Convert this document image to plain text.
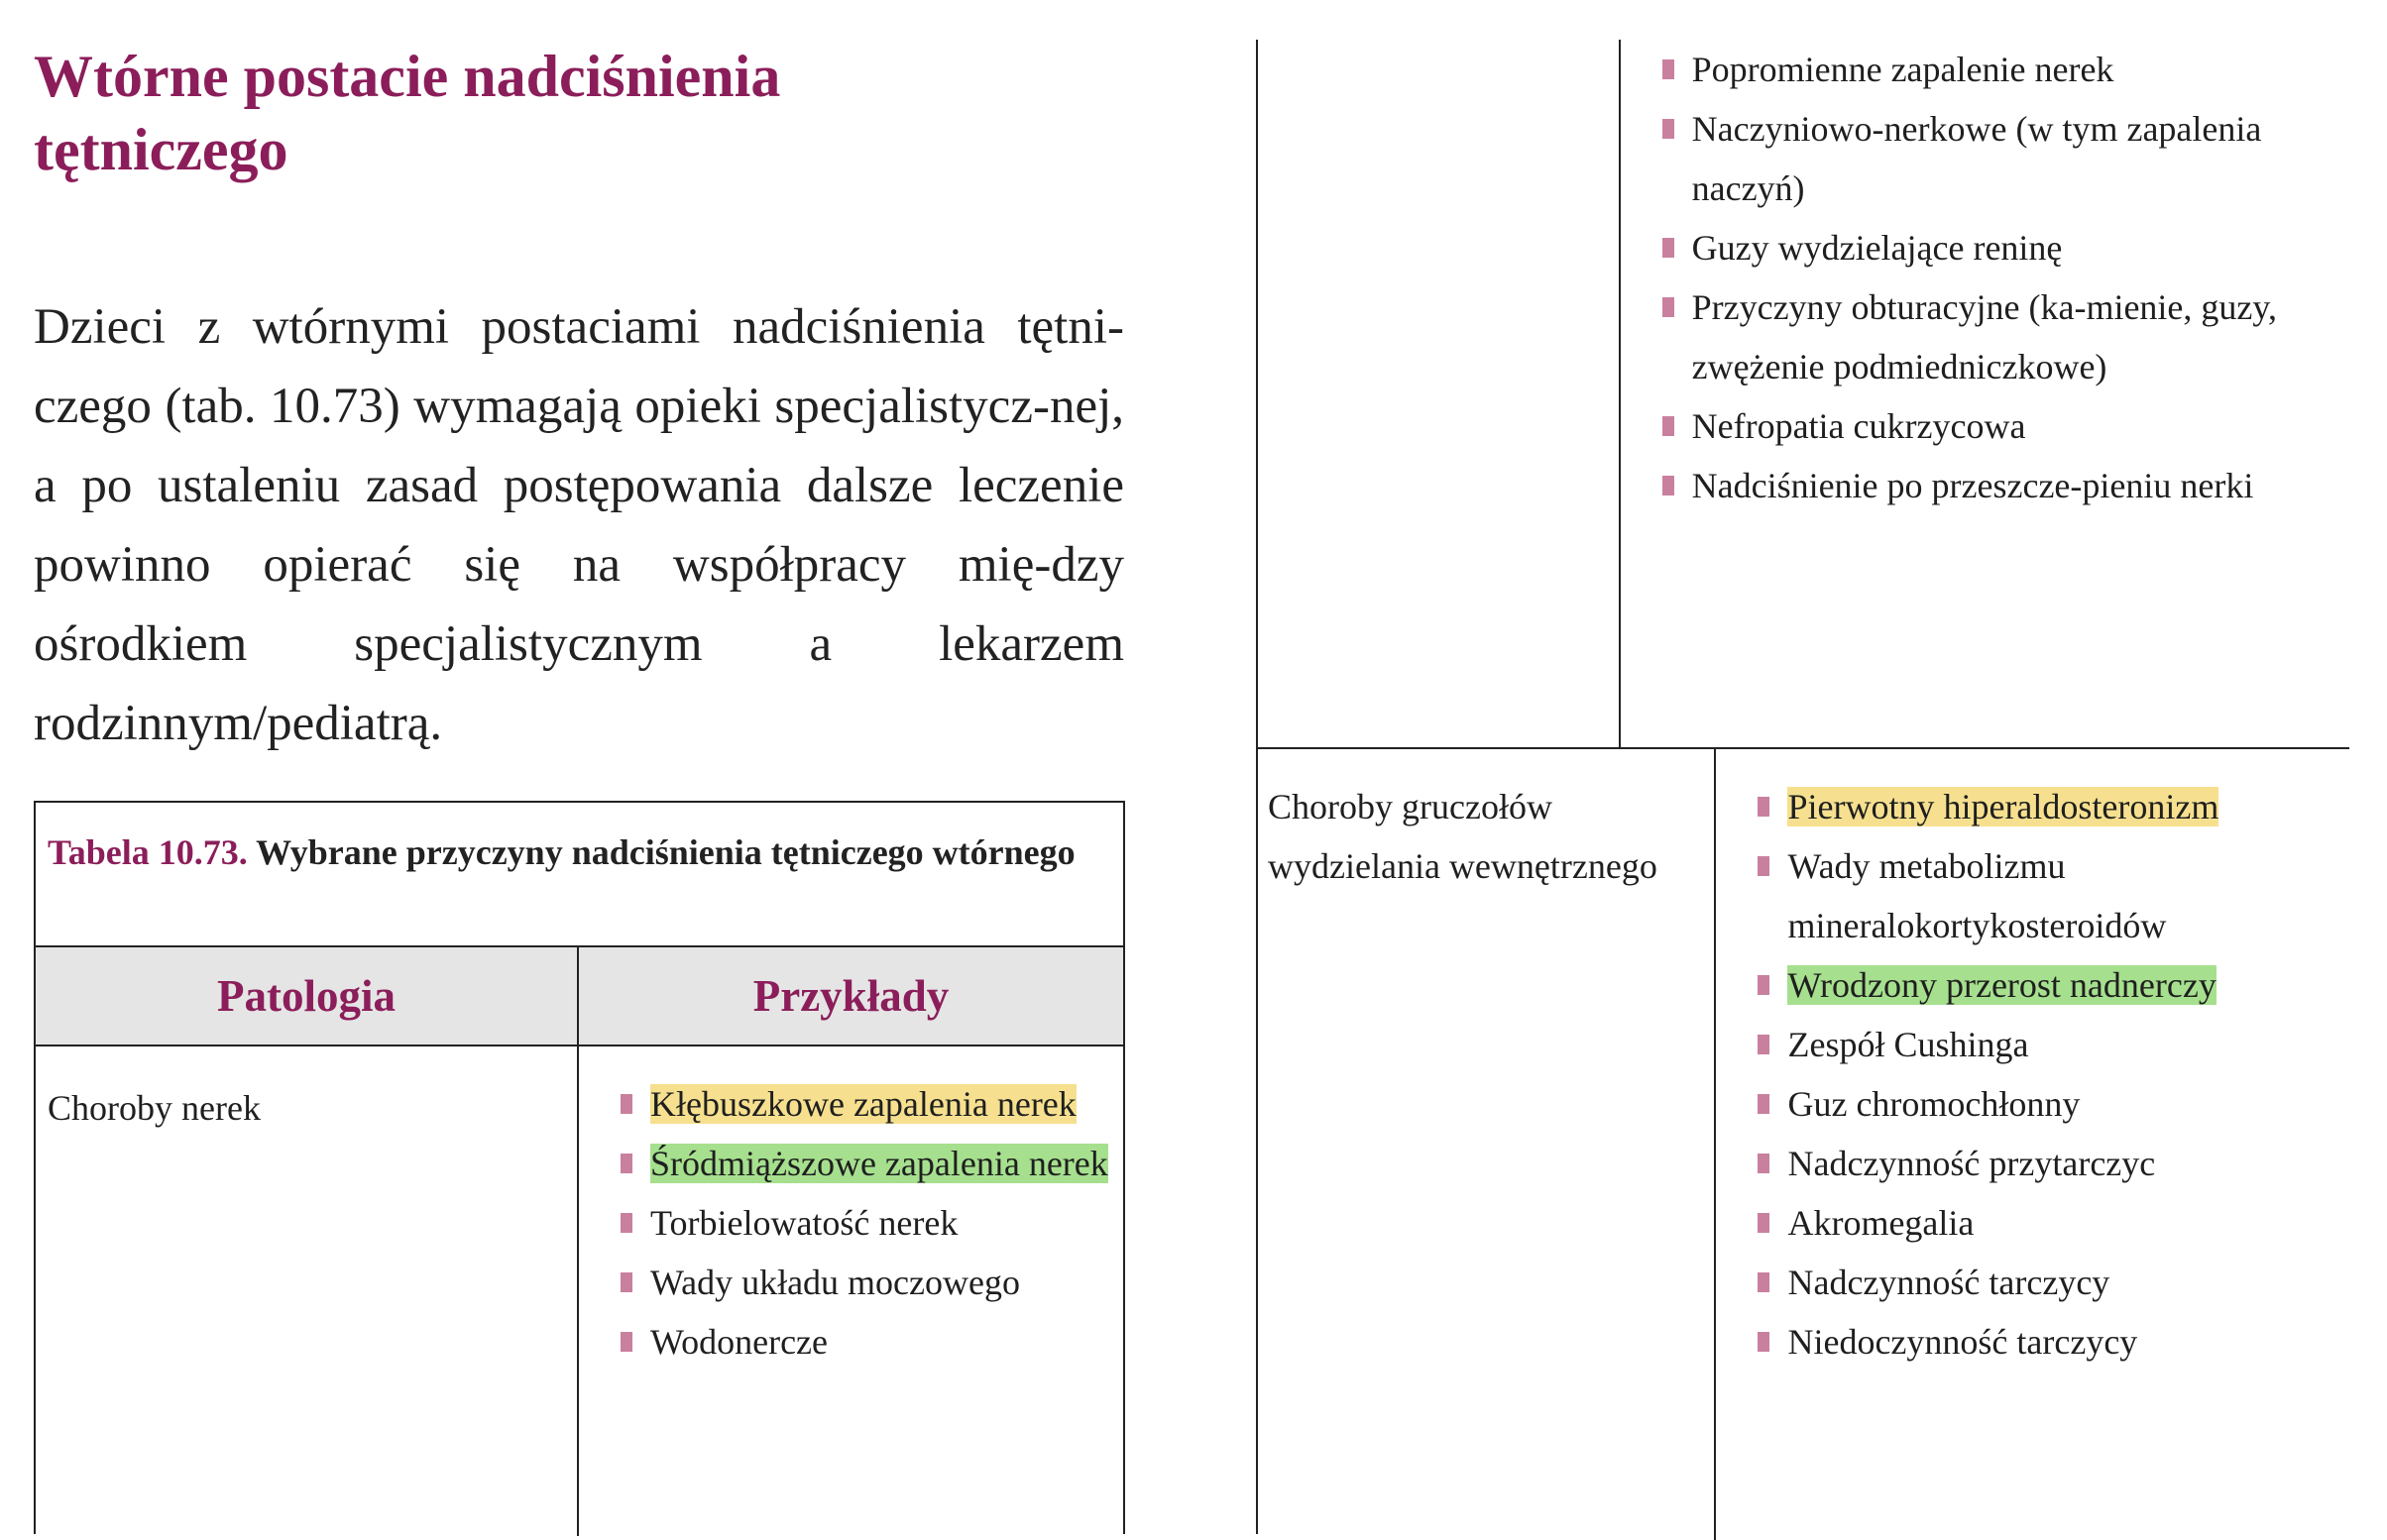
Wtórne postacie nadciśnienia
tętniczego

Dzieci z wtórnymi postaciami nadciśnienia tętni-czego (tab. 10.73) wymagają opieki specjalistycz-nej, a po ustaleniu zasad postępowania dalsze leczenie powinno opierać się na współpracy mię-dzy ośrodkiem specjalistycznym a lekarzem rodzinnym/pediatrą.

Tabela 10.73. Wybrane przyczyny nadciśnienia tętniczego wtórnego
Patologia	Przykłady
Choroby nerek	Kłębuszkowe zapalenia nerek
Śródmiąższowe zapalenia nerek
Torbielowatość nerek
Wady układu moczowego
Wodonercze
Popromienne zapalenie nerek
Naczyniowo-nerkowe (w tym zapalenia naczyń)
Guzy wydzielające reninę
Przyczyny obturacyjne (ka-mienie, guzy, zwężenie podmiedniczkowe)
Nefropatia cukrzycowa
Nadciśnienie po przeszcze-pieniu nerki
Choroby gruczołów wydzielania wewnętrznego
Pierwotny hiperaldosteronizm
Wady metabolizmu mineralokortykosteroidów
Wrodzony przerost nadnerczy
Zespół Cushinga
Guz chromochłonny
Nadczynność przytarczyc
Akromegalia
Nadczynność tarczycy
Niedoczynność tarczycy
